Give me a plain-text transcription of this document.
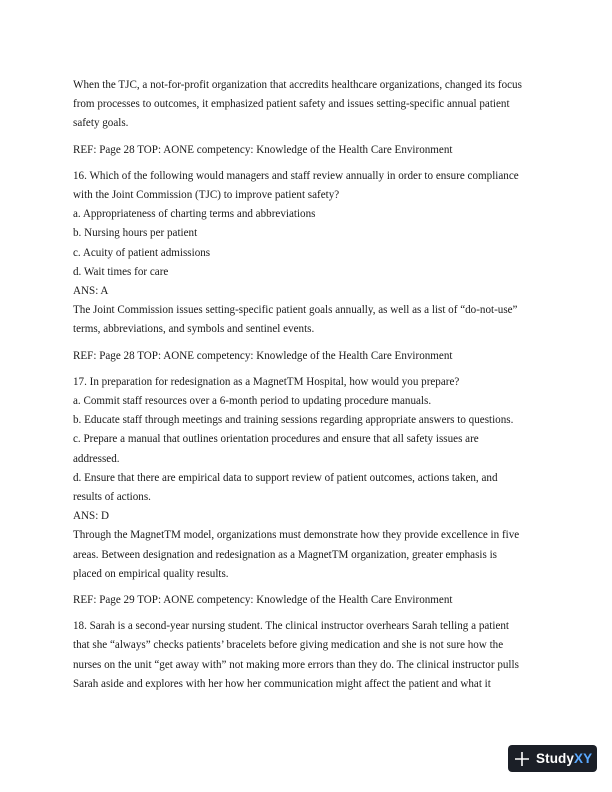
When the TJC, a not-for-profit organization that accredits healthcare organizations, changed its focus

from processes to outcomes, it emphasized patient safety and issues setting-specific annual patient

safety goals.

REF: Page 28 TOP: AONE competency: Knowledge of the Health Care Environment

16. Which of the following would managers and staff review annually in order to ensure compliance

with the Joint Commission (TJC) to improve patient safety?

a. Appropriateness of charting terms and abbreviations

b. Nursing hours per patient

c. Acuity of patient admissions

d. Wait times for care

ANS: A

The Joint Commission issues setting-specific patient goals annually, as well as a list of “do-not-use”

terms, abbreviations, and symbols and sentinel events.

REF: Page 28 TOP: AONE competency: Knowledge of the Health Care Environment

17. In preparation for redesignation as a MagnetTM Hospital, how would you prepare?

a. Commit staff resources over a 6-month period to updating procedure manuals.

b. Educate staff through meetings and training sessions regarding appropriate answers to questions.

c. Prepare a manual that outlines orientation procedures and ensure that all safety issues are

addressed.

d. Ensure that there are empirical data to support review of patient outcomes, actions taken, and

results of actions.

ANS: D

Through the MagnetTM model, organizations must demonstrate how they provide excellence in five

areas. Between designation and redesignation as a MagnetTM organization, greater emphasis is

placed on empirical quality results.

REF: Page 29 TOP: AONE competency: Knowledge of the Health Care Environment

18. Sarah is a second-year nursing student. The clinical instructor overhears Sarah telling a patient

that she “always” checks patients’ bracelets before giving medication and she is not sure how the

nurses on the unit “get away with” not making more errors than they do. The clinical instructor pulls

Sarah aside and explores with her how her communication might affect the patient and what it

StudyXY
